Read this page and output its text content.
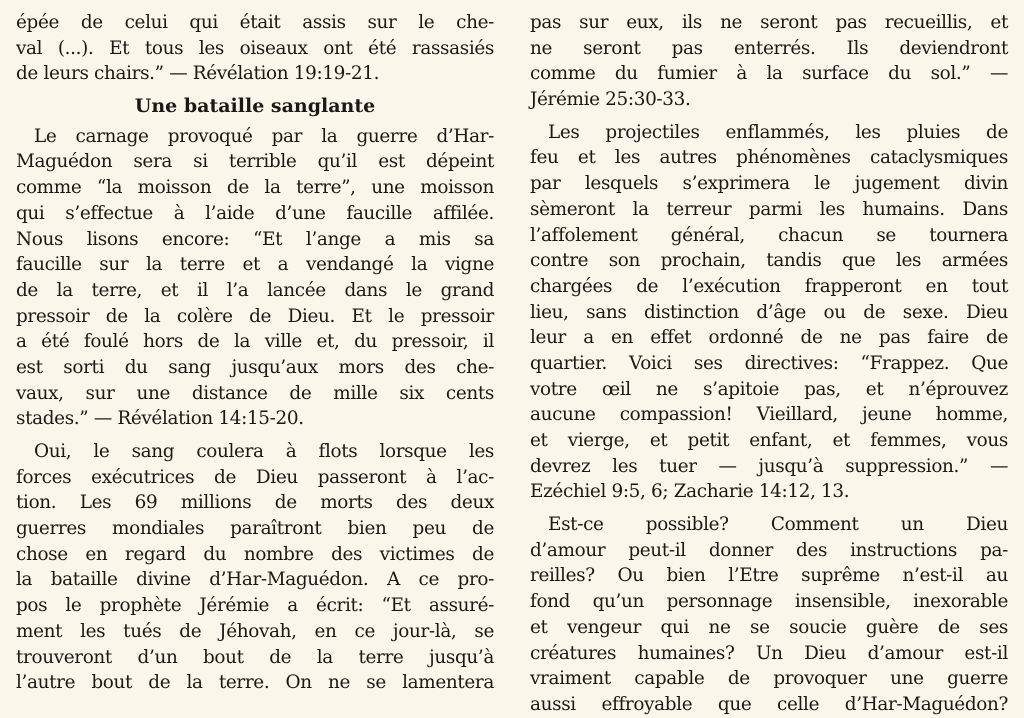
épée de celui qui était assis sur le che-
val (...). Et tous les oiseaux ont été rassasiés
de leurs chairs.” — Révélation 19:19-21.
Une bataille sanglante
Le carnage provoqué par la guerre d’Har-
Maguédon sera si terrible qu’il est dépeint
comme “la moisson de la terre”, une moisson
qui s’effectue à l’aide d’une faucille affilée.
Nous lisons encore: “Et l’ange a mis sa
faucille sur la terre et a vendangé la vigne
de la terre, et il l’a lancée dans le grand
pressoir de la colère de Dieu. Et le pressoir
a été foulé hors de la ville et, du pressoir, il
est sorti du sang jusqu’aux mors des che-
vaux, sur une distance de mille six cents
stades.” — Révélation 14:15-20.
Oui, le sang coulera à flots lorsque les
forces exécutrices de Dieu passeront à l’ac-
tion. Les 69 millions de morts des deux
guerres mondiales paraîtront bien peu de
chose en regard du nombre des victimes de
la bataille divine d’Har-Maguédon. A ce pro-
pos le prophète Jérémie a écrit: “Et assuré-
ment les tués de Jéhovah, en ce jour-là, se
trouveront d’un bout de la terre jusqu’à
l’autre bout de la terre. On ne se lamentera
pas sur eux, ils ne seront pas recueillis, et
ne seront pas enterrés. Ils deviendront
comme du fumier à la surface du sol.” —
Jérémie 25:30-33.
Les projectiles enflammés, les pluies de
feu et les autres phénomènes cataclysmiques
par lesquels s’exprimera le jugement divin
sèmeront la terreur parmi les humains. Dans
l’affolement général, chacun se tournera
contre son prochain, tandis que les armées
chargées de l’exécution frapperont en tout
lieu, sans distinction d’âge ou de sexe. Dieu
leur a en effet ordonné de ne pas faire de
quartier. Voici ses directives: “Frappez. Que
votre œil ne s’apitoie pas, et n’éprouvez
aucune compassion! Vieillard, jeune homme,
et vierge, et petit enfant, et femmes, vous
devrez les tuer — jusqu’à suppression.” —
Ezéchiel 9:5, 6; Zacharie 14:12, 13.
Est-ce possible? Comment un Dieu
d’amour peut-il donner des instructions pa-
reilles? Ou bien l’Etre suprême n’est-il au
fond qu’un personnage insensible, inexorable
et vengeur qui ne se soucie guère de ses
créatures humaines? Un Dieu d’amour est-il
vraiment capable de provoquer une guerre
aussi effroyable que celle d’Har-Maguédon?
